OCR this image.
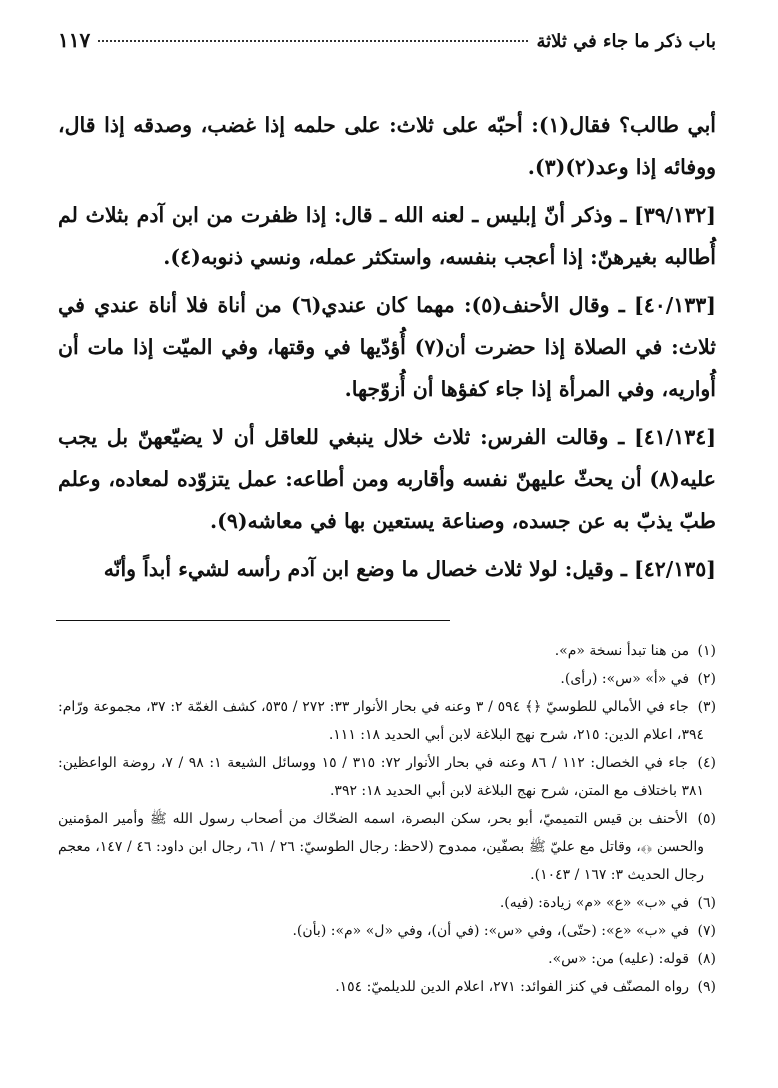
باب ذكر ما جاء في ثلاثة
١١٧

أبي طالب؟ فقال(١): أحبّه على ثلاث: على حلمه إذا غضب، وصدقه إذا قال، ووفائه إذا وعد(٢)(٣).

[٣٩/١٣٢] ـ وذكر أنّ إبليس ـ لعنه الله ـ قال: إذا ظفرت من ابن آدم بثلاث لم أُطالبه بغيرهنّ: إذا أعجب بنفسه، واستكثر عمله، ونسي ذنوبه(٤).

[٤٠/١٣٣] ـ وقال الأحنف(٥): مهما كان عندي(٦) من أناة فلا أناة عندي في ثلاث: في الصلاة إذا حضرت أن(٧) أُؤدّيها في وقتها، وفي الميّت إذا مات أن أُواريه، وفي المرأة إذا جاء كفؤها أن أُزوّجها.

[٤١/١٣٤] ـ وقالت الفرس: ثلاث خلال ينبغي للعاقل أن لا يضيّعهنّ بل يجب عليه(٨) أن يحثّ عليهنّ نفسه وأقاربه ومن أطاعه: عمل يتزوّده لمعاده، وعلم طبّ يذبّ به عن جسده، وصناعة يستعين بها في معاشه(٩).

[٤٢/١٣٥] ـ وقيل: لولا ثلاث خصال ما وضع ابن آدم رأسه لشيء أبداً وأنّه

(١) من هنا تبدأ نسخة «م».

(٢) في «أ» «س»: (رأى).

(٣) جاء في الأمالي للطوسيّ ﴿﴾ ٥٩٤ / ٣ وعنه في بحار الأنوار ٣٣: ٢٧٢ / ٥٣٥، كشف الغمّة ٢: ٣٧، مجموعة ورّام: ٣٩٤، اعلام الدين: ٢١٥، شرح نهج البلاغة لابن أبي الحديد ١٨: ١١١.

(٤) جاء في الخصال: ١١٢ / ٨٦ وعنه في بحار الأنوار ٧٢: ٣١٥ / ١٥ ووسائل الشيعة ١: ٩٨ / ٧، روضة الواعظين: ٣٨١ باختلاف مع المتن، شرح نهج البلاغة لابن أبي الحديد ١٨: ٣٩٢.

(٥) الأحنف بن قيس التميميّ، أبو بحر، سكن البصرة، اسمه الضحّاك من أصحاب رسول الله ﷺ وأمير المؤمنين والحسن ﴿﴾، وقاتل مع عليّ ﷺ بصفّين، ممدوح (لاحظ: رجال الطوسيّ: ٢٦ / ٦١، رجال ابن داود: ٤٦ / ١٤٧، معجم رجال الحديث ٣: ١٦٧ / ١٠٤٣).

(٦) في «ب» «ع» «م» زيادة: (فيه).

(٧) في «ب» «ع»: (حتّى)، وفي «س»: (في أن)، وفي «ل» «م»: (بأن).

(٨) قوله: (عليه) من: «س».

(٩) رواه المصنّف في كنز الفوائد: ٢٧١، اعلام الدين للديلميّ: ١٥٤.
